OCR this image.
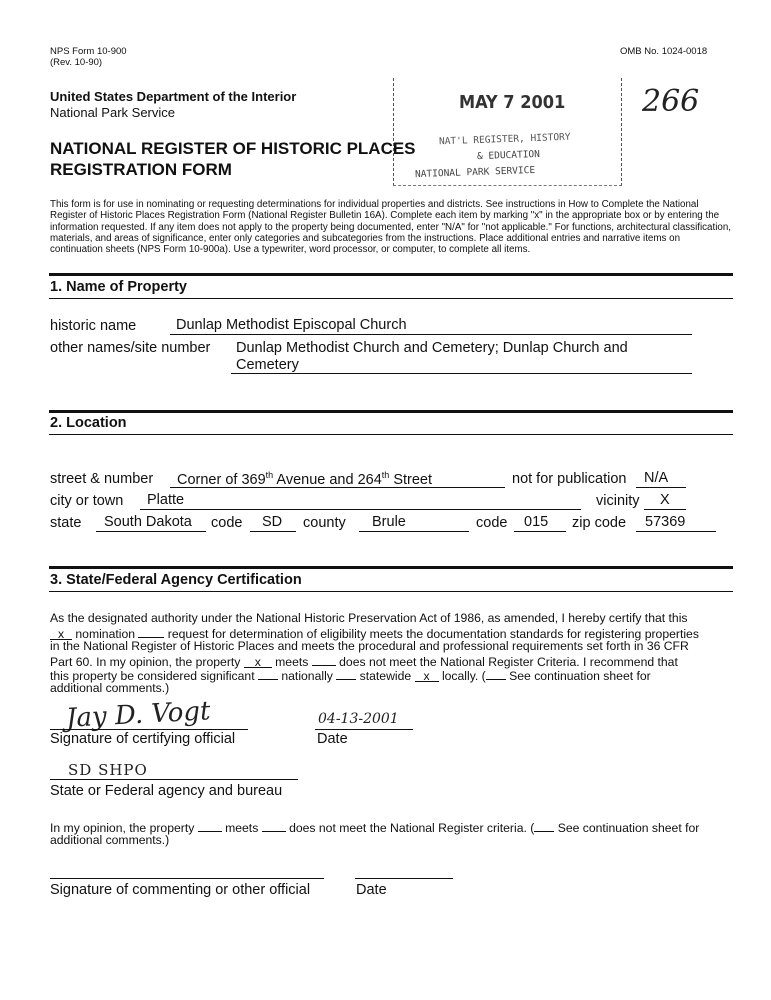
NPS Form 10-900
(Rev. 10-90)
OMB No. 1024-0018
United States Department of the Interior
National Park Service
NATIONAL REGISTER OF HISTORIC PLACES
REGISTRATION FORM
MAY 7 2001
NAT'L REGISTER, HISTORY
& EDUCATION
NATIONAL PARK SERVICE
266
This form is for use in nominating or requesting determinations for individual properties and districts. See instructions in How to Complete the National Register of Historic Places Registration Form (National Register Bulletin 16A). Complete each item by marking "x" in the appropriate box or by entering the information requested. If any item does not apply to the property being documented, enter "N/A" for "not applicable." For functions, architectural classification, materials, and areas of significance, enter only categories and subcategories from the instructions. Place additional entries and narrative items on continuation sheets (NPS Form 10-900a). Use a typewriter, word processor, or computer, to complete all items.
1. Name of Property
historic name	Dunlap Methodist Episcopal Church
other names/site number Dunlap Methodist Church and Cemetery; Dunlap Church and
Cemetery
2. Location
street & number Corner of 369th Avenue and 264th Street	not for publication N/A
city or town Platte	vicinity X
state South Dakota code SD county Brule	code 015 zip code 57369
3. State/Federal Agency Certification
As the designated authority under the National Historic Preservation Act of 1986, as amended, I hereby certify that this
x nomination	request for determination of eligibility meets the documentation standards for registering properties
in the National Register of Historic Places and meets the procedural and professional requirements set forth in 36 CFR
Part 60. In my opinion, the property x meets	does not meet the National Register Criteria. I recommend that
this property be considered significant nationally statewide x locally. ( See continuation sheet for
additional comments.)
Jay D. Vogt
Signature of certifying official
04-13-2001
Date
SD SHPO
State or Federal agency and bureau
In my opinion, the property	meets	does not meet the National Register criteria. ( See continuation sheet for
additional comments.)
Signature of commenting or other official	Date
